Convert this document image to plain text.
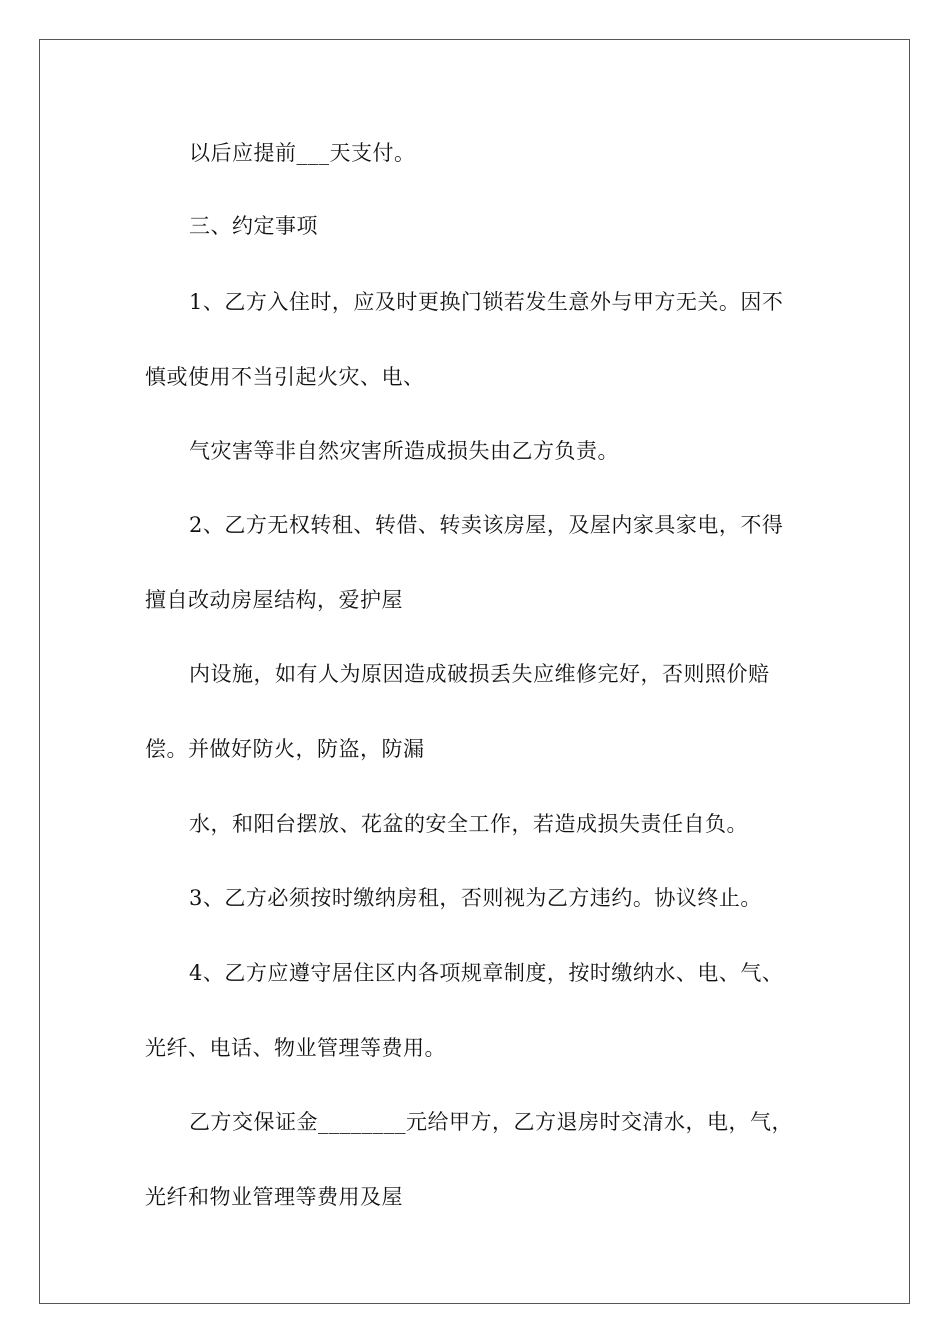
以后应提前___天支付。
三、约定事项
1、乙方入住时，应及时更换门锁若发生意外与甲方无关。因不
慎或使用不当引起火灾、电、
气灾害等非自然灾害所造成损失由乙方负责。
2、乙方无权转租、转借、转卖该房屋，及屋内家具家电，不得
擅自改动房屋结构，爱护屋
内设施，如有人为原因造成破损丢失应维修完好，否则照价赔
偿。并做好防火，防盗，防漏
水，和阳台摆放、花盆的安全工作，若造成损失责任自负。
3、乙方必须按时缴纳房租，否则视为乙方违约。协议终止。
4、乙方应遵守居住区内各项规章制度，按时缴纳水、电、气、
光纤、电话、物业管理等费用。
乙方交保证金________元给甲方，乙方退房时交清水，电，气，
光纤和物业管理等费用及屋
